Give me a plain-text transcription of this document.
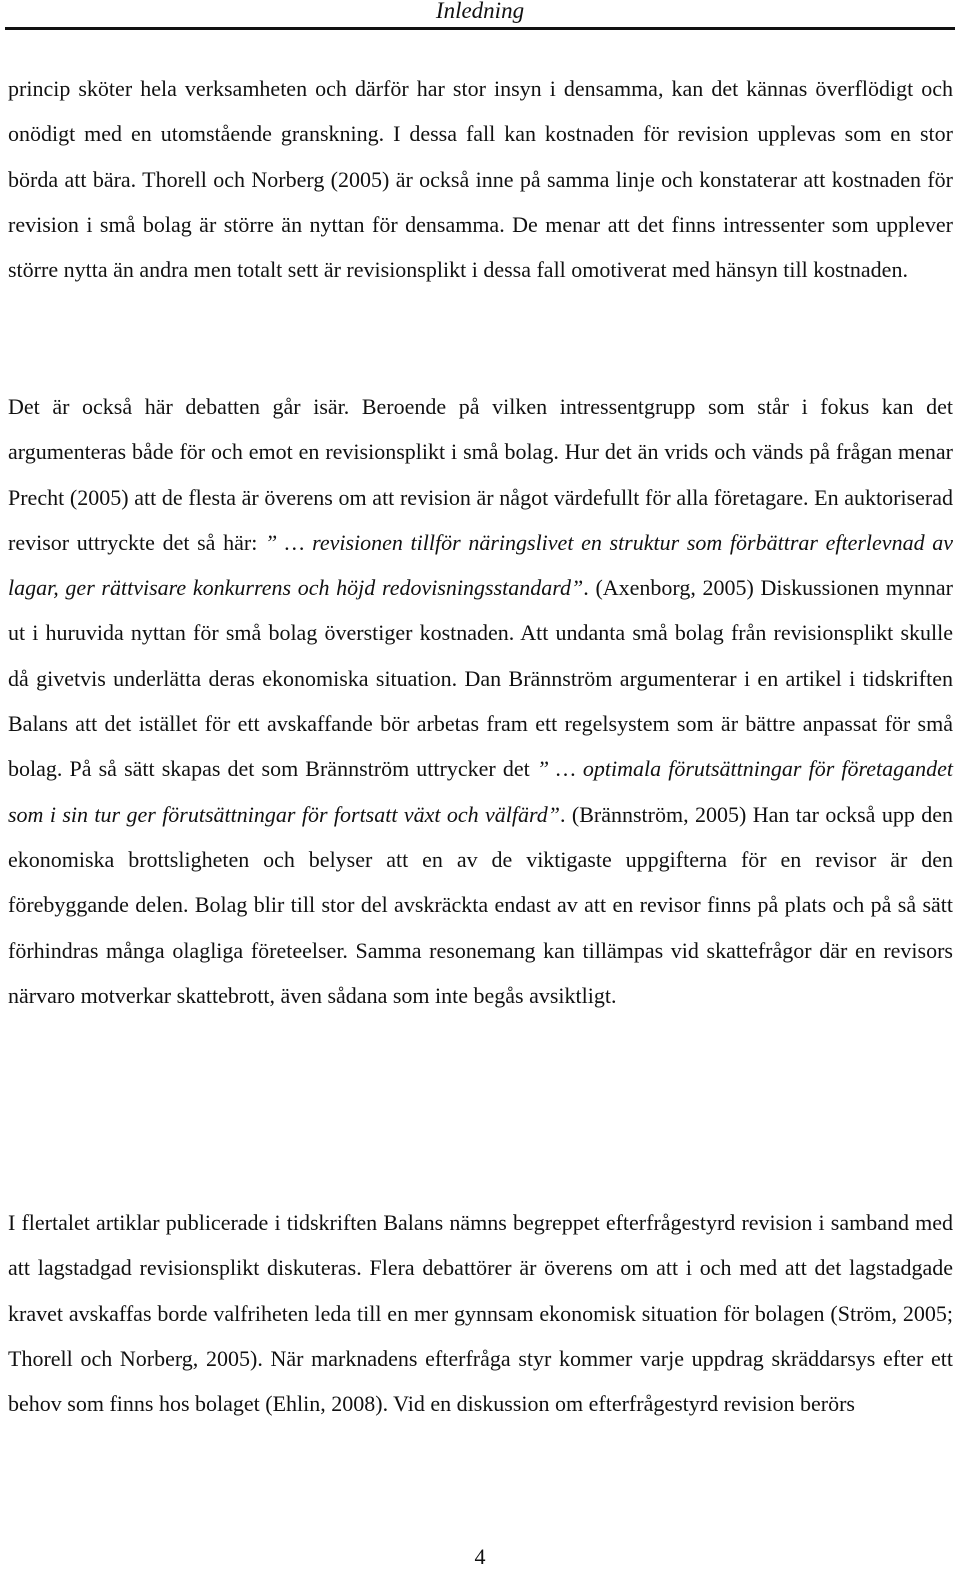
Inledning

princip sköter hela verksamheten och därför har stor insyn i densamma, kan det kännas överflödigt och onödigt med en utomstående granskning. I dessa fall kan kostnaden för revision upplevas som en stor börda att bära. Thorell och Norberg (2005) är också inne på samma linje och konstaterar att kostnaden för revision i små bolag är större än nyttan för densamma. De menar att det finns intressenter som upplever större nytta än andra men totalt sett är revisionsplikt i dessa fall omotiverat med hänsyn till kostnaden.

Det är också här debatten går isär. Beroende på vilken intressentgrupp som står i fokus kan det argumenteras både för och emot en revisionsplikt i små bolag. Hur det än vrids och vänds på frågan menar Precht (2005) att de flesta är överens om att revision är något värdefullt för alla företagare. En auktoriserad revisor uttryckte det så här: ” … revisionen tillför näringslivet en struktur som förbättrar efterlevnad av lagar, ger rättvisare konkurrens och höjd redovisningsstandard”. (Axenborg, 2005) Diskussionen mynnar ut i huruvida nyttan för små bolag överstiger kostnaden. Att undanta små bolag från revisionsplikt skulle då givetvis underlätta deras ekonomiska situation. Dan Brännström argumenterar i en artikel i tidskriften Balans att det istället för ett avskaffande bör arbetas fram ett regelsystem som är bättre anpassat för små bolag. På så sätt skapas det som Brännström uttrycker det ” … optimala förutsättningar för företagandet som i sin tur ger förutsättningar för fortsatt växt och välfärd”. (Brännström, 2005) Han tar också upp den ekonomiska brottsligheten och belyser att en av de viktigaste uppgifterna för en revisor är den förebyggande delen. Bolag blir till stor del avskräckta endast av att en revisor finns på plats och på så sätt förhindras många olagliga företeelser. Samma resonemang kan tillämpas vid skattefrågor där en revisors närvaro motverkar skattebrott, även sådana som inte begås avsiktligt.

I flertalet artiklar publicerade i tidskriften Balans nämns begreppet efterfrågestyrd revision i samband med att lagstadgad revisionsplikt diskuteras. Flera debattörer är överens om att i och med att det lagstadgade kravet avskaffas borde valfriheten leda till en mer gynnsam ekonomisk situation för bolagen (Ström, 2005; Thorell och Norberg, 2005). När marknadens efterfråga styr kommer varje uppdrag skräddarsys efter ett behov som finns hos bolaget (Ehlin, 2008). Vid en diskussion om efterfrågestyrd revision berörs

4
